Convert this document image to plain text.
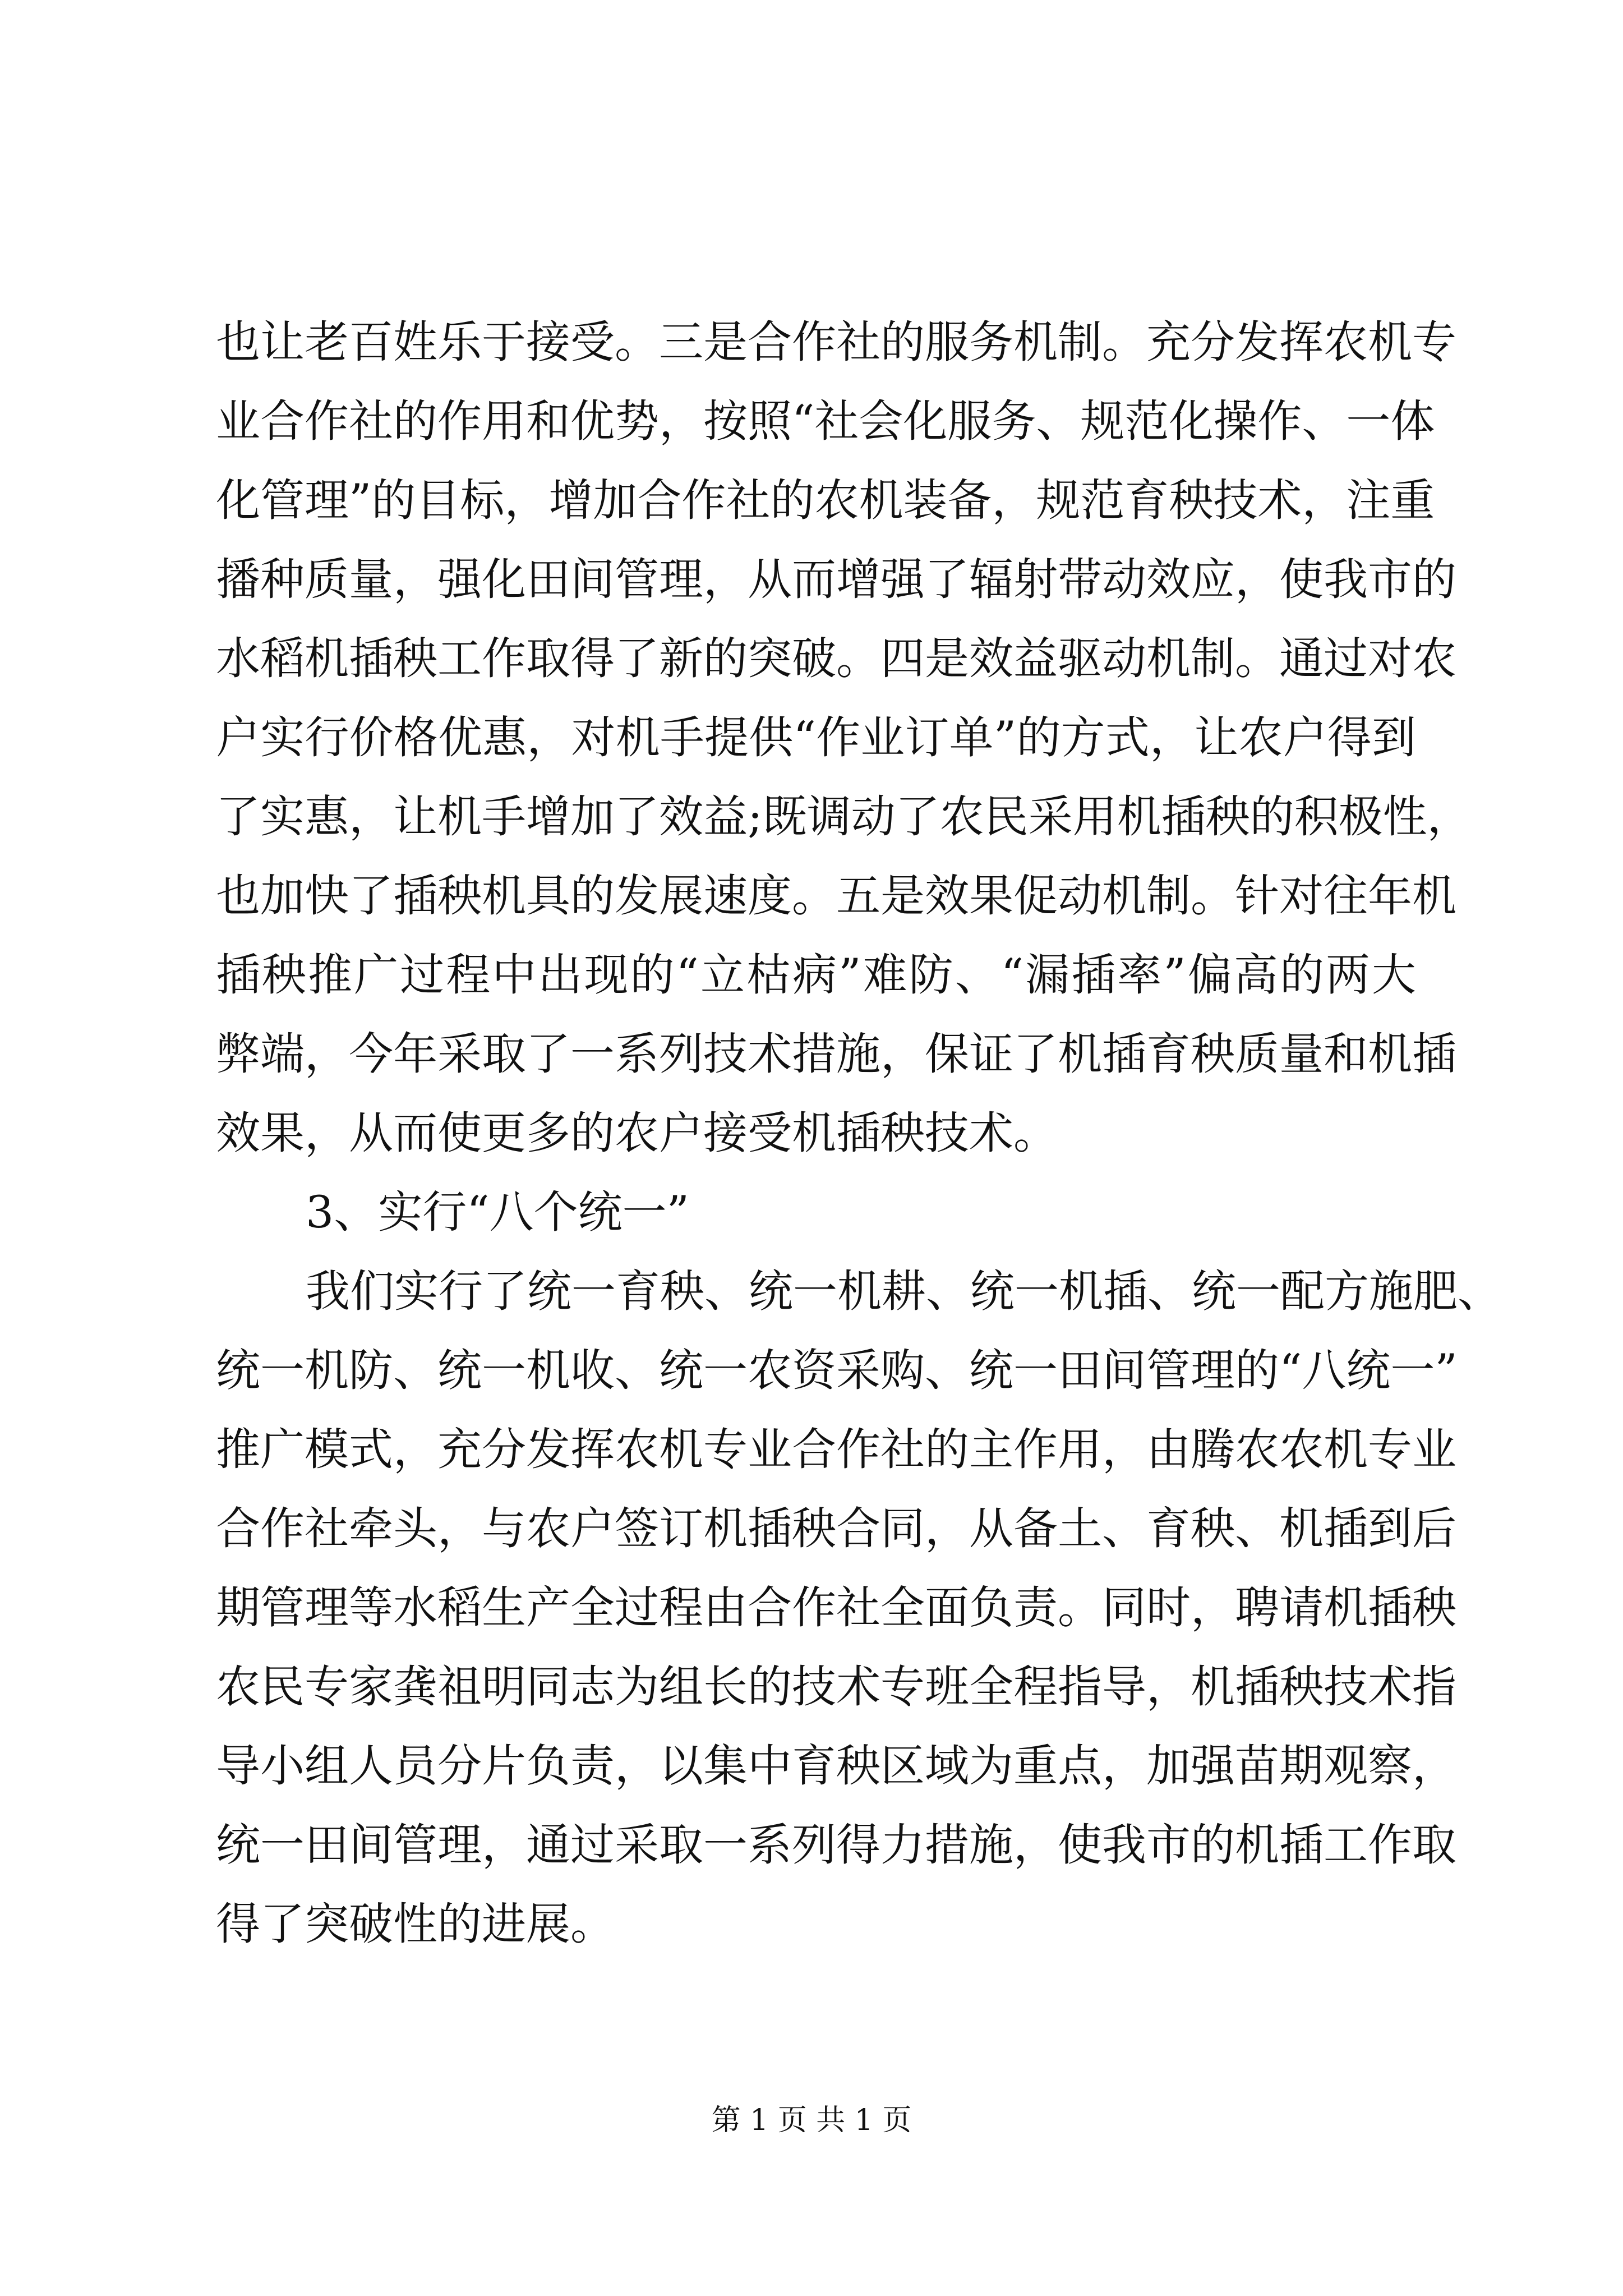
也让老百姓乐于接受。三是合作社的服务机制。充分发挥农机专
业合作社的作用和优势，按照“社会化服务、规范化操作、一体
化管理”的目标，增加合作社的农机装备，规范育秧技术，注重
播种质量，强化田间管理，从而增强了辐射带动效应，使我市的
水稻机插秧工作取得了新的突破。四是效益驱动机制。通过对农
户实行价格优惠，对机手提供“作业订单”的方式，让农户得到
了实惠，让机手增加了效益;既调动了农民采用机插秧的积极性，
也加快了插秧机具的发展速度。五是效果促动机制。针对往年机
插秧推广过程中出现的“立枯病”难防、“漏插率”偏高的两大
弊端，今年采取了一系列技术措施，保证了机插育秧质量和机插
效果，从而使更多的农户接受机插秧技术。
3、实行“八个统一”
我们实行了统一育秧、统一机耕、统一机插、统一配方施肥、
统一机防、统一机收、统一农资采购、统一田间管理的“八统一”
推广模式，充分发挥农机专业合作社的主作用，由腾农农机专业
合作社牵头，与农户签订机插秧合同，从备土、育秧、机插到后
期管理等水稻生产全过程由合作社全面负责。同时，聘请机插秧
农民专家龚祖明同志为组长的技术专班全程指导，机插秧技术指
导小组人员分片负责，以集中育秧区域为重点，加强苗期观察，
统一田间管理，通过采取一系列得力措施，使我市的机插工作取
得了突破性的进展。
第 1 页 共 1 页
